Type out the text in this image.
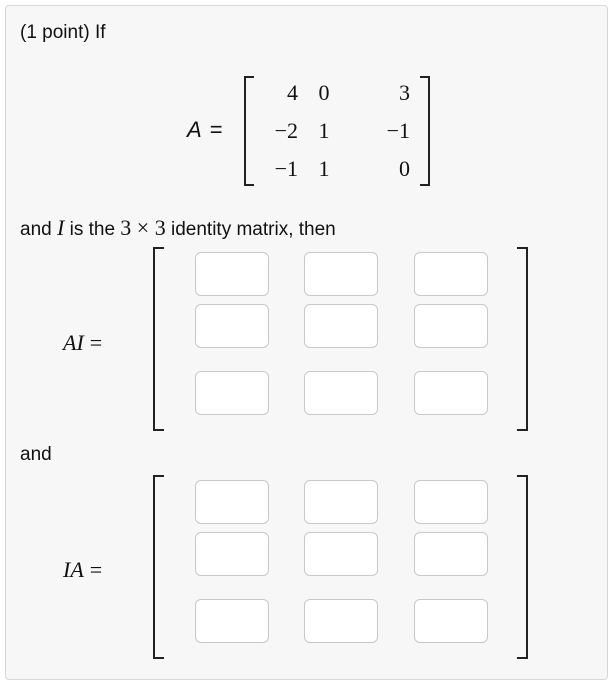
(1 point) If
A =
4 0	3
−2 1	−1
−1 1	0
and I is the 3 × 3 identity matrix, then
AI =
and
IA =
